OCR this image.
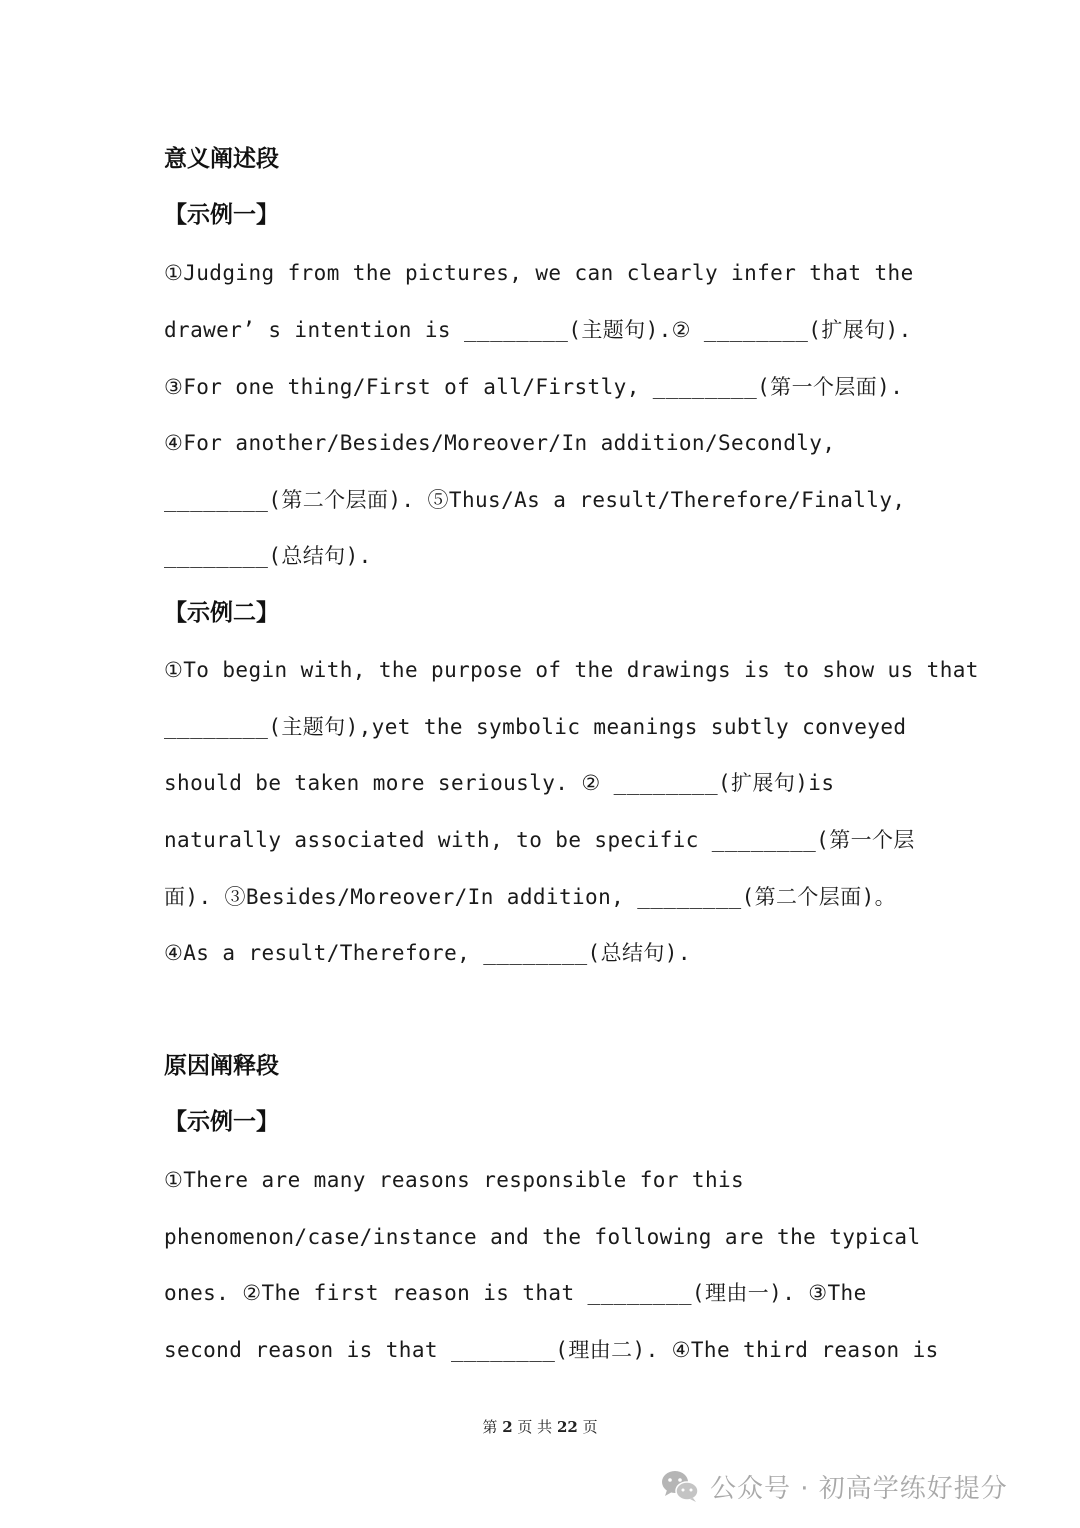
意义阐述段
【示例一】
①Judging from the pictures, we can clearly infer that the
drawer’ s intention is ________(主题句).② ________(扩展句).
③For one thing/First of all/Firstly, ________(第一个层面).
④For another/Besides/Moreover/In addition/Secondly,
________(第二个层面). ⑤Thus/As a result/Therefore/Finally,
________(总结句).
【示例二】
①To begin with, the purpose of the drawings is to show us that
________(主题句),yet the symbolic meanings subtly conveyed
should be taken more seriously. ② ________(扩展句)is
naturally associated with, to be specific ________(第一个层
面). ③Besides/Moreover/In addition, ________(第二个层面)。
④As a result/Therefore, ________(总结句).
原因阐释段
【示例一】
①There are many reasons responsible for this
phenomenon/case/instance and the following are the typical
ones. ②The first reason is that ________(理由一). ③The
second reason is that ________(理由二). ④The third reason is
第 2 页 共 22 页
公众号 · 初高学练好提分
